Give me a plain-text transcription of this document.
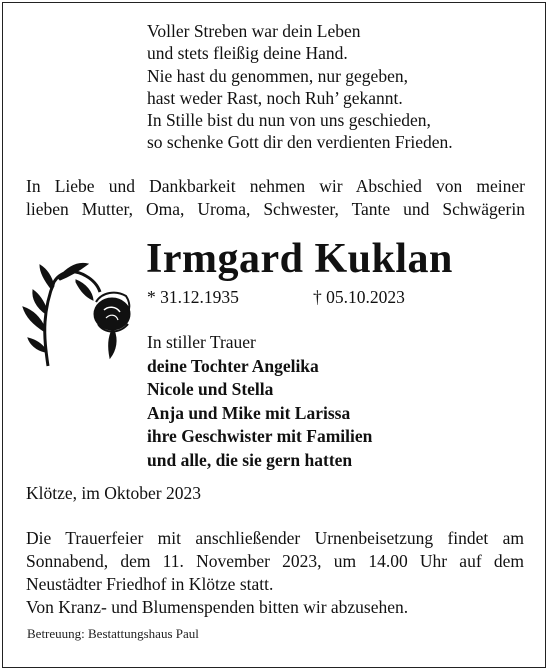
Voller Streben war dein Leben
und stets fleißig deine Hand.
Nie hast du genommen, nur gegeben,
hast weder Rast, noch Ruh’ gekannt.
In Stille bist du nun von uns geschieden,
so schenke Gott dir den verdienten Frieden.
In Liebe und Dankbarkeit nehmen wir Abschied von meiner
lieben Mutter, Oma, Uroma, Schwester, Tante und Schwägerin
Irmgard Kuklan
* 31.12.1935	† 05.10.2023
In stiller Trauer
deine Tochter Angelika
Nicole und Stella
Anja und Mike mit Larissa
ihre Geschwister mit Familien
und alle, die sie gern hatten
Klötze, im Oktober 2023
Die Trauerfeier mit anschließender Urnenbeisetzung findet am
Sonnabend, dem 11. November 2023, um 14.00 Uhr auf dem
Neustädter Friedhof in Klötze statt.
Von Kranz- und Blumenspenden bitten wir abzusehen.
Betreuung: Bestattungshaus Paul
